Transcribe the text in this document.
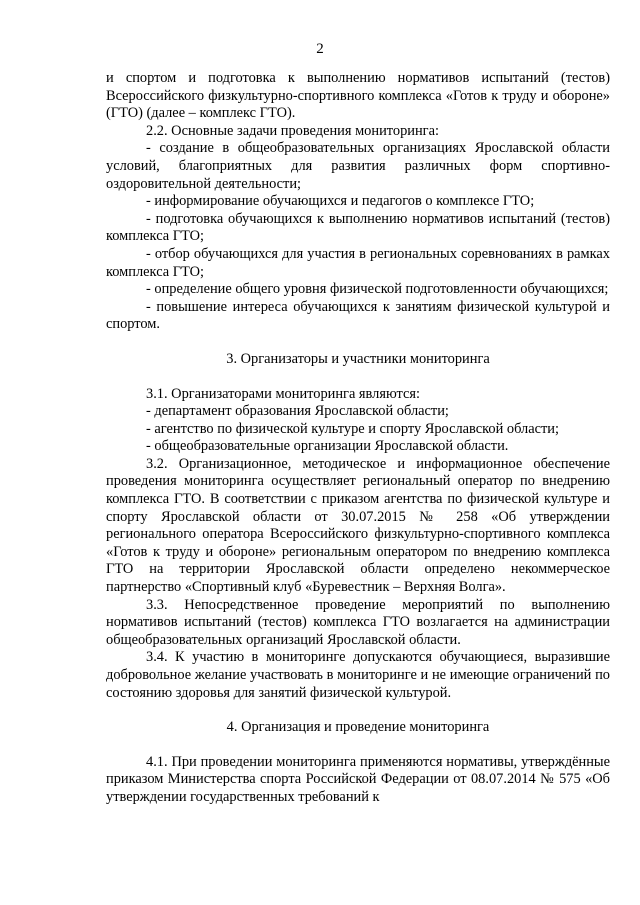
2

и спортом и подготовка к выполнению нормативов испытаний (тестов) Всероссийского физкультурно-спортивного комплекса «Готов к труду и обороне» (ГТО) (далее – комплекс ГТО).

2.2. Основные задачи проведения мониторинга:

- создание в общеобразовательных организациях Ярославской области условий, благоприятных для развития различных форм спортивно-оздоровительной деятельности;

- информирование обучающихся и педагогов о комплексе ГТО;

- подготовка обучающихся к выполнению нормативов испытаний (тестов) комплекса ГТО;

- отбор обучающихся для участия в региональных соревнованиях в рамках комплекса ГТО;

- определение общего уровня физической подготовленности обучающихся;

- повышение интереса обучающихся к занятиям физической культурой и спортом.

3. Организаторы и участники мониторинга

3.1. Организаторами мониторинга являются:

- департамент образования Ярославской области;

- агентство по физической культуре и спорту Ярославской области;

- общеобразовательные организации Ярославской области.

3.2. Организационное, методическое и информационное обеспечение проведения мониторинга осуществляет региональный оператор по внедрению комплекса ГТО. В соответствии с приказом агентства по физической культуре и спорту Ярославской области от 30.07.2015 № 258 «Об утверждении регионального оператора Всероссийского физкультурно-спортивного комплекса «Готов к труду и обороне» региональным оператором по внедрению комплекса ГТО на территории Ярославской области определено некоммерческое партнерство «Спортивный клуб «Буревестник – Верхняя Волга».

3.3. Непосредственное проведение мероприятий по выполнению нормативов испытаний (тестов) комплекса ГТО возлагается на администрации общеобразовательных организаций Ярославской области.

3.4. К участию в мониторинге допускаются обучающиеся, выразившие добровольное желание участвовать в мониторинге и не имеющие ограничений по состоянию здоровья для занятий физической культурой.

4. Организация и проведение мониторинга

4.1. При проведении мониторинга применяются нормативы, утверждённые приказом Министерства спорта Российской Федерации от 08.07.2014 № 575 «Об утверждении государственных требований к
